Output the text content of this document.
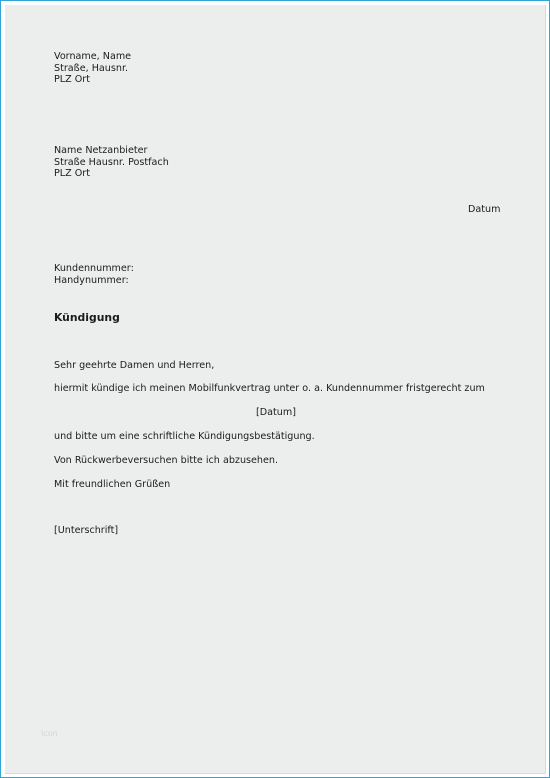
Vorname, Name
Straße, Hausnr.
PLZ Ort
Name Netzanbieter
Straße Hausnr. Postfach
PLZ Ort
Datum
Kundennummer:
Handynummer:
Kündigung
Sehr geehrte Damen und Herren,
hiermit kündige ich meinen Mobilfunkvertrag unter o. a. Kundennummer fristgerecht zum
[Datum]
und bitte um eine schriftliche Kündigungsbestätigung.
Von Rückwerbeversuchen bitte ich abzusehen.
Mit freundlichen Grüßen
[Unterschrift]
Icon
